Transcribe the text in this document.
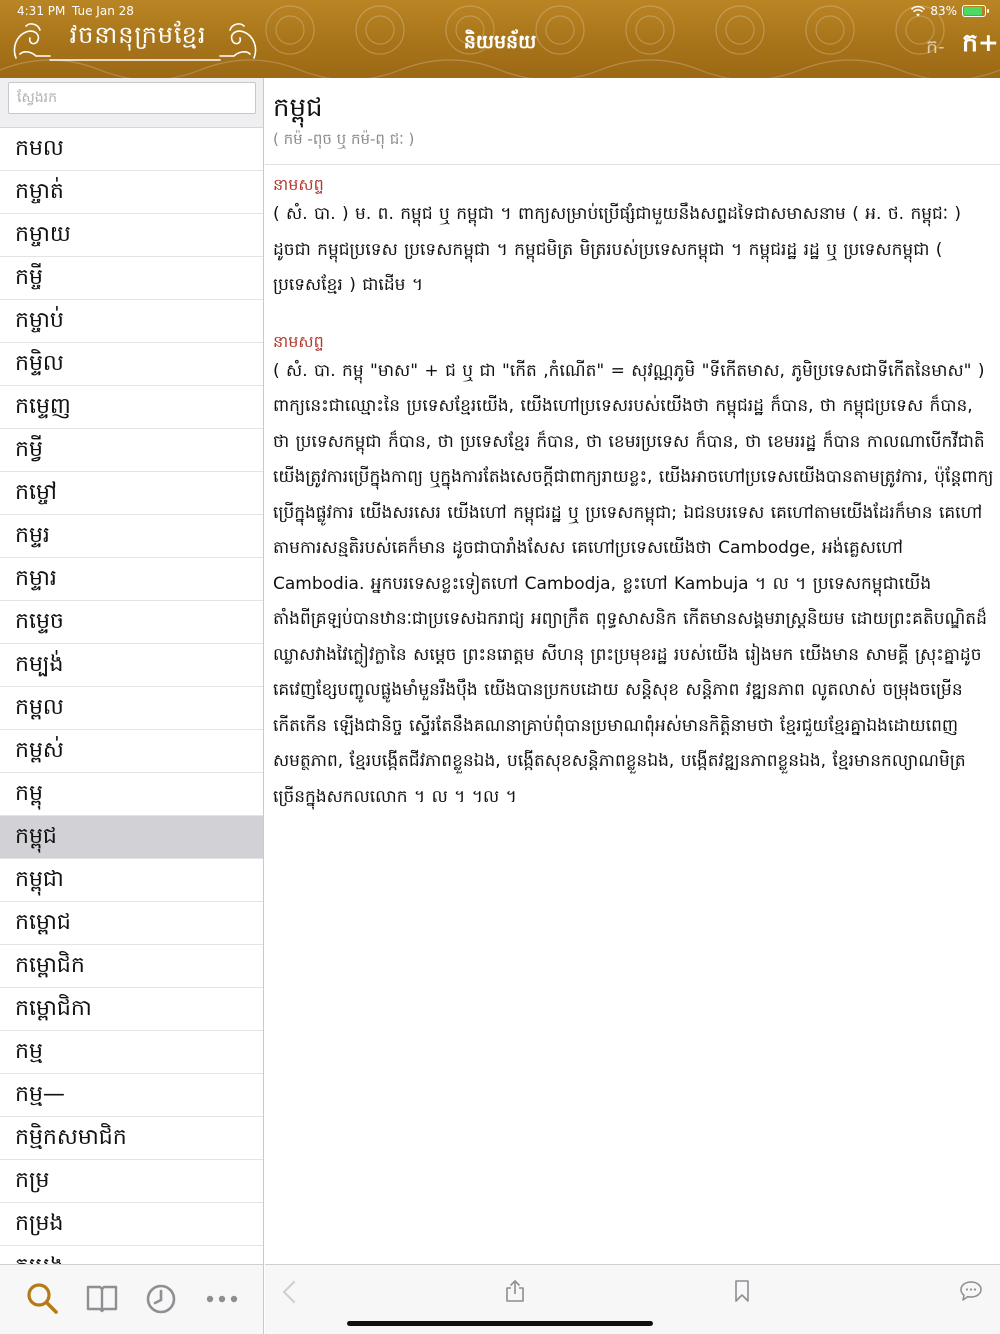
4:31 PM Tue Jan 28	83%
វចនានុក្រមខ្មែរ	និយមន័យ	ក- ក+
ស្វែងរក
កមល
កម្ចាត់
កម្ចាយ
កម្ចី
កម្ចាប់
កម្ទិល
កម្ទេញ
កម្វី
កម្ចៅ
កម្ទរ
កម្ទារ
កម្ទេច
កម្បង់
កម្ពល
កម្ពស់
កម្ពុ
កម្ពុជ
កម្ពុជា
កម្ពោជ
កម្ពោជិក
កម្ពោជិកា
កម្ម
កម្ម—
កម្មិកសមាជិក
កម្រ
កម្រង
កម្ពុជ
( កម៉ -ពុច ឬ កម៉-ពុ ជៈ )
នាមសព្ទ
( សំ. បា. ) ម. ព. កម្ពុជ ឬ កម្ពុជា ។ ពាក្យសម្រាប់ប្រើផ្សំជាមួយនឹងសព្ទដទៃជាសមាសនាម ( អ. ថ. កម្ពុជៈ ) ដូចជា កម្ពុជប្រទេស ប្រទេសកម្ពុជា ។ កម្ពុជមិត្រ មិត្ររបស់ប្រទេសកម្ពុជា ។ កម្ពុជរដ្ឋ រដ្ឋ ឬ ប្រទេសកម្ពុជា ( ប្រទេសខ្មែរ ) ជាដើម ។
នាមសព្ទ
( សំ. បា. កម្ពុ "មាស" + ជ ឬ ជា "កើត ,កំណើត" = សុវណ្ណភូមិ "ទីកើតមាស, ភូមិប្រទេសជាទីកើតនៃមាស" ) ពាក្យនេះជាឈ្មោះនៃ ប្រទេសខ្មែរយើង, យើងហៅប្រទេសរបស់យើងថា កម្ពុជរដ្ឋ ក៏បាន, ថា កម្ពុជប្រទេស ក៏បាន, ថា ប្រទេសកម្ពុជា ក៏បាន, ថា ប្រទេសខ្មែរ ក៏បាន, ថា ខេមរប្រទេស ក៏បាន, ថា ខេមររដ្ឋ ក៏បាន កាលណាបើកវីជាតិយើងត្រូវការប្រើក្នុងកាព្យ ឬក្នុងការតែងសេចក្ដីជាពាក្យរាយខ្លះ, យើងអាចហៅប្រទេសយើងបានតាមត្រូវការ, ប៉ុន្តែពាក្យប្រើក្នុងផ្លូវការ យើងសរសេរ យើងហៅ កម្ពុជរដ្ឋ ឬ ប្រទេសកម្ពុជា; ឯជនបរទេស គេហៅតាមយើងដែរក៏មាន គេហៅតាមការសន្មតិរបស់គេក៏មាន ដូចជាបារាំងសែស គេហៅប្រទេសយើងថា Cambodge, អង់គ្លេសហៅ Cambodia. អ្នកបរទេសខ្លះទៀតហៅ Cambodja, ខ្លះហៅ Kambuja ។ ល ។ ប្រទេសកម្ពុជាយើង តាំងពីគ្រឡប់បានឋានៈជាប្រទេសឯករាជ្យ អព្យាក្រឹត ពុទ្ធសាសនិក កើតមានសង្គមរាស្ត្រនិយម ដោយព្រះគតិបណ្ឌិតដ៏ឈ្លាសវាងវៃក្លៀវក្លានៃ សម្ដេច ព្រះនរោត្តម សីហនុ ព្រះប្រមុខរដ្ឋ របស់យើង រៀងមក យើងមាន សាមគ្គី ស្រុះគ្នាដូចគេវេញខ្សែបញ្ចូលផ្លូងមាំមួនរឹងប៉ឹង យើងបានប្រកបដោយ សន្តិសុខ សន្តិភាព វឌ្ឍនភាព លូតលាស់ ចម្រុងចម្រើន កើតកើន ឡើងជានិច្ច ស្ទើរតែនឹងគណនាគ្រាប់ពុំបានប្រមាណពុំអស់មានកិត្តិនាមថា ខ្មែរជួយខ្មែរគ្នាឯងដោយពេញសមត្ថភាព, ខ្មែរបង្កើតជីវភាពខ្លួនឯង, បង្កើតសុខសន្តិភាពខ្លួនឯង, បង្កើតវឌ្ឍនភាពខ្លួនឯង, ខ្មែរមានកល្យាណមិត្រច្រើនក្នុងសកលលោក ។ ល ។ ។ល ។
